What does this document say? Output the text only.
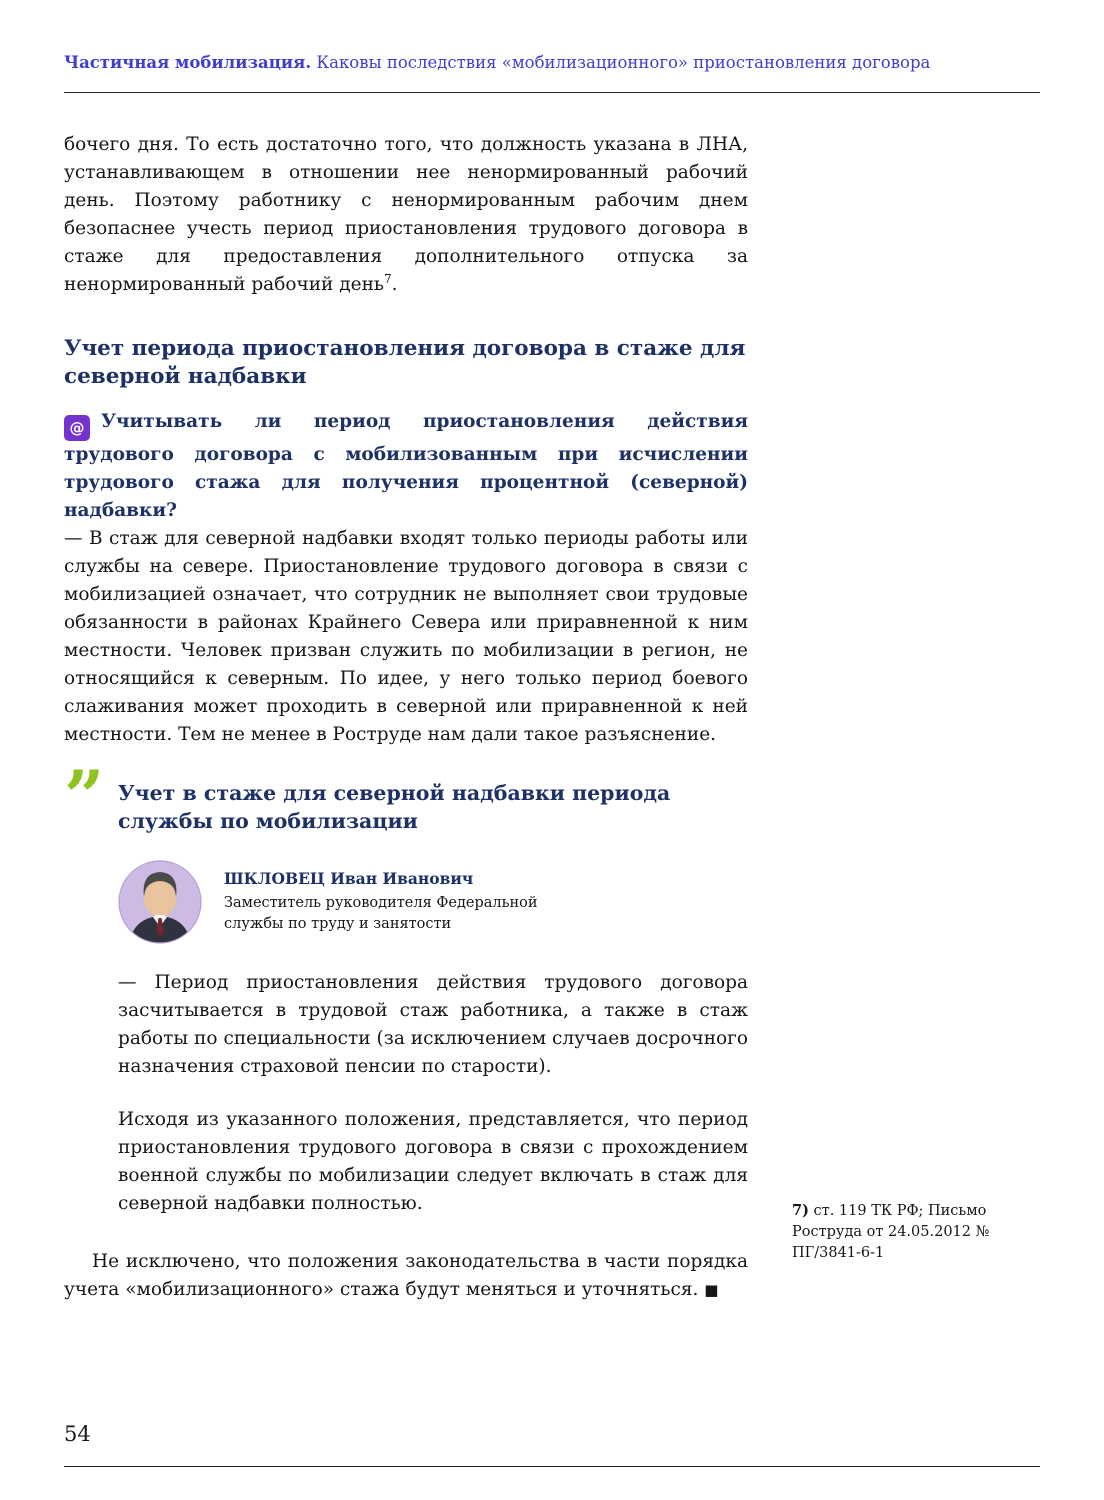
Частичная мобилизация. Каковы последствия «мобилизационного» приостановления договора

бочего дня. То есть достаточно того, что должность указана в ЛНА, устанавливающем в отношении нее ненормированный рабочий день. Поэтому работнику с ненормированным рабочим днем безопаснее учесть период приостановления трудового договора в стаже для предоставления дополнительного отпуска за ненормированный рабочий день$^7$.

Учет периода приостановления договора в стаже для северной надбавки

@ Учитывать ли период приостановления действия трудового договора с мобилизованным при исчислении трудового стажа для получения процентной (северной) надбавки?

— В стаж для северной надбавки входят только периоды работы или службы на севере. Приостановление трудового договора в связи с мобилизацией означает, что сотрудник не выполняет свои трудовые обязанности в районах Крайнего Севера или приравненной к ним местности. Человек призван служить по мобилизации в регион, не относящийся к северным. По идее, у него только период боевого слаживания может проходить в северной или приравненной к ней местности. Тем не менее в Роструде нам дали такое разъяснение.

” Учет в стаже для северной надбавки периода службы по мобилизации
ШКЛОВЕЦ Иван Иванович
Заместитель руководителя Федеральной службы по труду и занятости

— Период приостановления действия трудового договора засчитывается в трудовой стаж работника, а также в стаж работы по специальности (за исключением случаев досрочного назначения страховой пенсии по старости).

Исходя из указанного положения, представляется, что период приостановления трудового договора в связи с прохождением военной службы по мобилизации следует включать в стаж для северной надбавки полностью.

Не исключено, что положения законодательства в части порядка учета «мобилизационного» стажа будут меняться и уточняться. ■

7) ст. 119 ТК РФ; Письмо Роструда от 24.05.2012 № ПГ/3841-6-1
54
